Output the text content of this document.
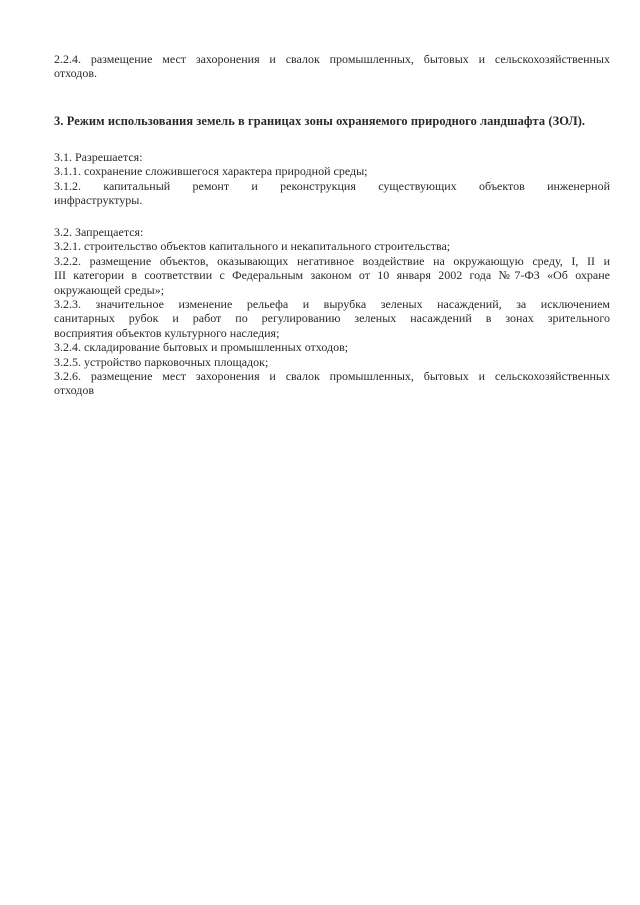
2.2.4. размещение мест захоронения и свалок промышленных, бытовых и сельскохозяйственных
отходов.
3. Режим использования земель в границах зоны охраняемого природного ландшафта (ЗОЛ).
3.1. Разрешается:
3.1.1. сохранение сложившегося характера природной среды;
3.1.2. капитальный ремонт и реконструкция существующих объектов инженерной
инфраструктуры.
3.2. Запрещается:
3.2.1. строительство объектов капитального и некапитального строительства;
3.2.2. размещение объектов, оказывающих негативное воздействие на окружающую среду, I, II и
III категории в соответствии с Федеральным законом от 10 января 2002 года №7-ФЗ «Об охране
окружающей среды»;
3.2.3. значительное изменение рельефа и вырубка зеленых насаждений, за исключением
санитарных рубок и работ по регулированию зеленых насаждений в зонах зрительного
восприятия объектов культурного наследия;
3.2.4. складирование бытовых и промышленных отходов;
3.2.5. устройство парковочных площадок;
3.2.6. размещение мест захоронения и свалок промышленных, бытовых и сельскохозяйственных
отходов
